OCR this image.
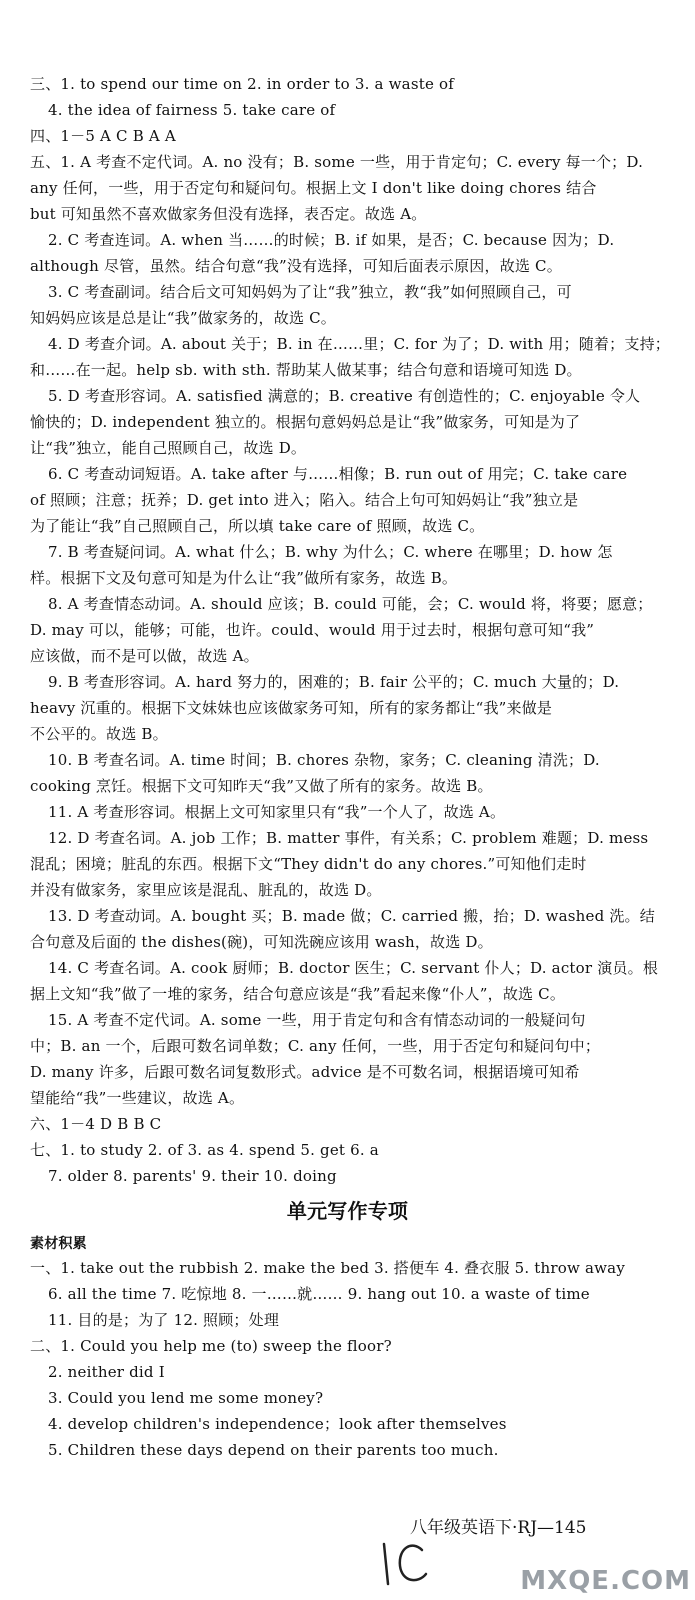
三、1. to spend our time on 2. in order to 3. a waste of
4. the idea of fairness 5. take care of
四、1－5 A C B A A
五、1. A 考查不定代词。A. no 没有；B. some 一些，用于肯定句；C. every 每一个；D.
any 任何，一些，用于否定句和疑问句。根据上文 I don't like doing chores 结合
but 可知虽然不喜欢做家务但没有选择，表否定。故选 A。
2. C 考查连词。A. when 当……的时候；B. if 如果，是否；C. because 因为；D.
although 尽管，虽然。结合句意“我”没有选择，可知后面表示原因，故选 C。
3. C 考查副词。结合后文可知妈妈为了让“我”独立，教“我”如何照顾自己，可
知妈妈应该是总是让“我”做家务的，故选 C。
4. D 考查介词。A. about 关于；B. in 在……里；C. for 为了；D. with 用；随着；支持；
和……在一起。help sb. with sth. 帮助某人做某事；结合句意和语境可知选 D。
5. D 考查形容词。A. satisfied 满意的；B. creative 有创造性的；C. enjoyable 令人
愉快的；D. independent 独立的。根据句意妈妈总是让“我”做家务，可知是为了
让“我”独立，能自己照顾自己，故选 D。
6. C 考查动词短语。A. take after 与……相像；B. run out of 用完；C. take care
of 照顾；注意；抚养；D. get into 进入；陷入。结合上句可知妈妈让“我”独立是
为了能让“我”自己照顾自己，所以填 take care of 照顾，故选 C。
7. B 考查疑问词。A. what 什么；B. why 为什么；C. where 在哪里；D. how 怎
样。根据下文及句意可知是为什么让“我”做所有家务，故选 B。
8. A 考查情态动词。A. should 应该；B. could 可能，会；C. would 将，将要；愿意；
D. may 可以，能够；可能，也许。could、would 用于过去时，根据句意可知“我”
应该做，而不是可以做，故选 A。
9. B 考查形容词。A. hard 努力的，困难的；B. fair 公平的；C. much 大量的；D.
heavy 沉重的。根据下文妹妹也应该做家务可知，所有的家务都让“我”来做是
不公平的。故选 B。
10. B 考查名词。A. time 时间；B. chores 杂物，家务；C. cleaning 清洗；D.
cooking 烹饪。根据下文可知昨天“我”又做了所有的家务。故选 B。
11. A 考查形容词。根据上文可知家里只有“我”一个人了，故选 A。
12. D 考查名词。A. job 工作；B. matter 事件，有关系；C. problem 难题；D. mess
混乱；困境；脏乱的东西。根据下文“They didn't do any chores.”可知他们走时
并没有做家务，家里应该是混乱、脏乱的，故选 D。
13. D 考查动词。A. bought 买；B. made 做；C. carried 搬，抬；D. washed 洗。结
合句意及后面的 the dishes(碗)，可知洗碗应该用 wash，故选 D。
14. C 考查名词。A. cook 厨师；B. doctor 医生；C. servant 仆人；D. actor 演员。根
据上文知“我”做了一堆的家务，结合句意应该是“我”看起来像“仆人”，故选 C。
15. A 考查不定代词。A. some 一些，用于肯定句和含有情态动词的一般疑问句
中；B. an 一个，后跟可数名词单数；C. any 任何，一些，用于否定句和疑问句中；
D. many 许多，后跟可数名词复数形式。advice 是不可数名词，根据语境可知希
望能给“我”一些建议，故选 A。
六、1－4 D B B C
七、1. to study 2. of 3. as 4. spend 5. get 6. a
7. older 8. parents' 9. their 10. doing
单元写作专项
素材积累
一、1. take out the rubbish 2. make the bed 3. 搭便车 4. 叠衣服 5. throw away
6. all the time 7. 吃惊地 8. 一……就…… 9. hang out 10. a waste of time
11. 目的是；为了 12. 照顾；处理
二、1. Could you help me (to) sweep the floor?
2. neither did I
3. Could you lend me some money?
4. develop children's independence；look after themselves
5. Children these days depend on their parents too much.
八年级英语下·RJ—145
MXQE.COM
